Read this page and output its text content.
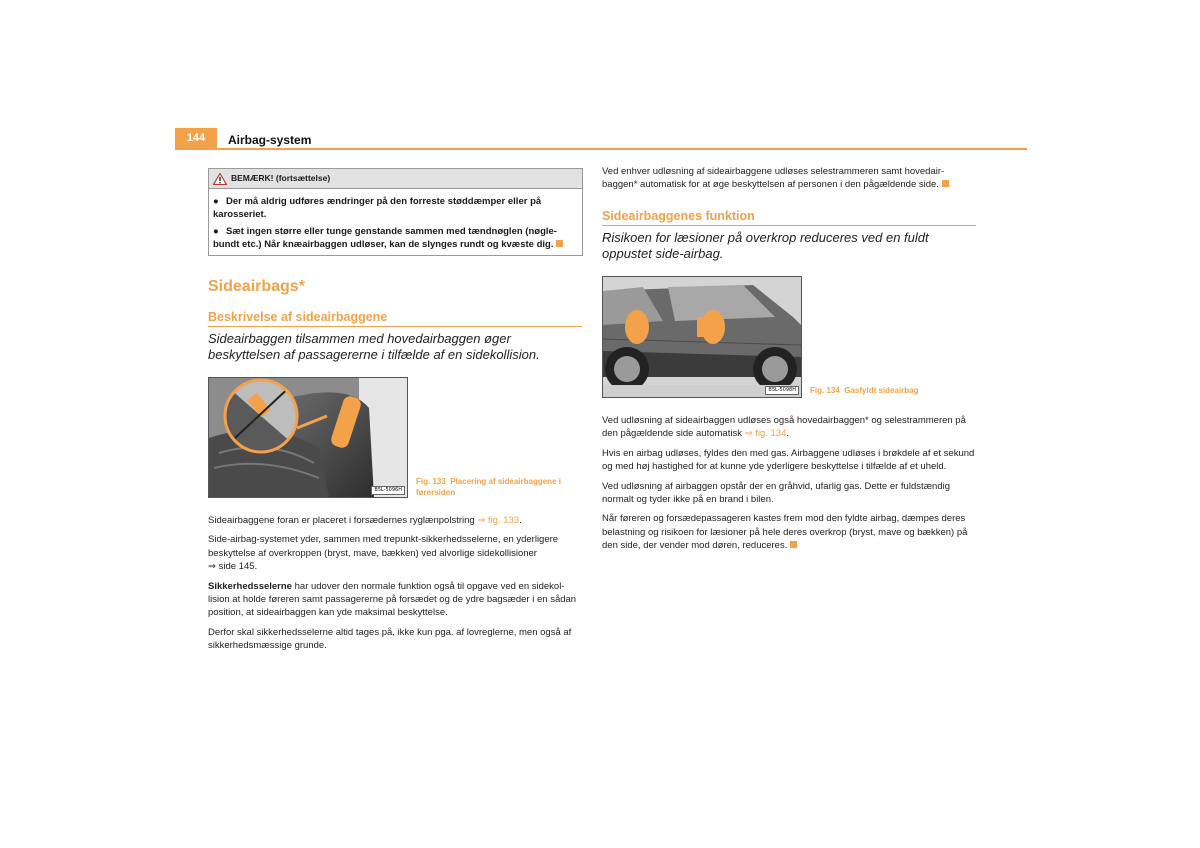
144	Airbag-system
BEMÆRK! (fortsættelse)

● Der må aldrig udføres ændringer på den forreste støddæmper eller på karosseriet.

● Sæt ingen større eller tunge genstande sammen med tændnøglen (nøgle-bundt etc.) Når knæairbaggen udløser, kan de slynges rundt og kvæste dig.

Sideairbags*
Beskrivelse af sideairbaggene
Sideairbaggen tilsammen med hovedairbaggen øger beskyttelsen af passagererne i tilfælde af en sidekollision.
B5L-5096H
Fig. 133 Placering af sideairbaggene i førersiden

Sideairbaggene foran er placeret i forsædernes ryglænpolstring ⇒ fig. 133.

Side-airbag-systemet yder, sammen med trepunkt-sikkerhedsselerne, en yderligere beskyttelse af overkroppen (bryst, mave, bækken) ved alvorlige sidekollisioner
⇒ side 145.

Sikkerhedsselerne har udover den normale funktion også til opgave ved en sidekol-lision at holde føreren samt passagererne på forsædet og de ydre bagsæder i en sådan position, at sideairbaggen kan yde maksimal beskyttelse.

Derfor skal sikkerhedsselerne altid tages på, ikke kun pga. af lovreglerne, men også af sikkerhedsmæssige grunde.

Ved enhver udløsning af sideairbaggene udløses selestrammeren samt hovedair-baggen* automatisk for at øge beskyttelsen af personen i den pågældende side.
Sideairbaggenes funktion
Risikoen for læsioner på overkrop reduceres ved en fuldt oppustet side-airbag.
B5L-5098H	Fig. 134 Gasfyldt sideairbag

Ved udløsning af sideairbaggen udløses også hovedairbaggen* og selestrammeren på den pågældende side automatisk ⇒ fig. 134.

Hvis en airbag udløses, fyldes den med gas. Airbaggene udløses i brøkdele af et sekund og med høj hastighed for at kunne yde yderligere beskyttelse i tilfælde af et uheld.

Ved udløsning af airbaggen opstår der en gråhvid, ufarlig gas. Dette er fuldstændig normalt og tyder ikke på en brand i bilen.

Når føreren og forsædepassageren kastes frem mod den fyldte airbag, dæmpes deres belastning og risikoen for læsioner på hele deres overkrop (bryst, mave og bækken) på den side, der vender mod døren, reduceres.
